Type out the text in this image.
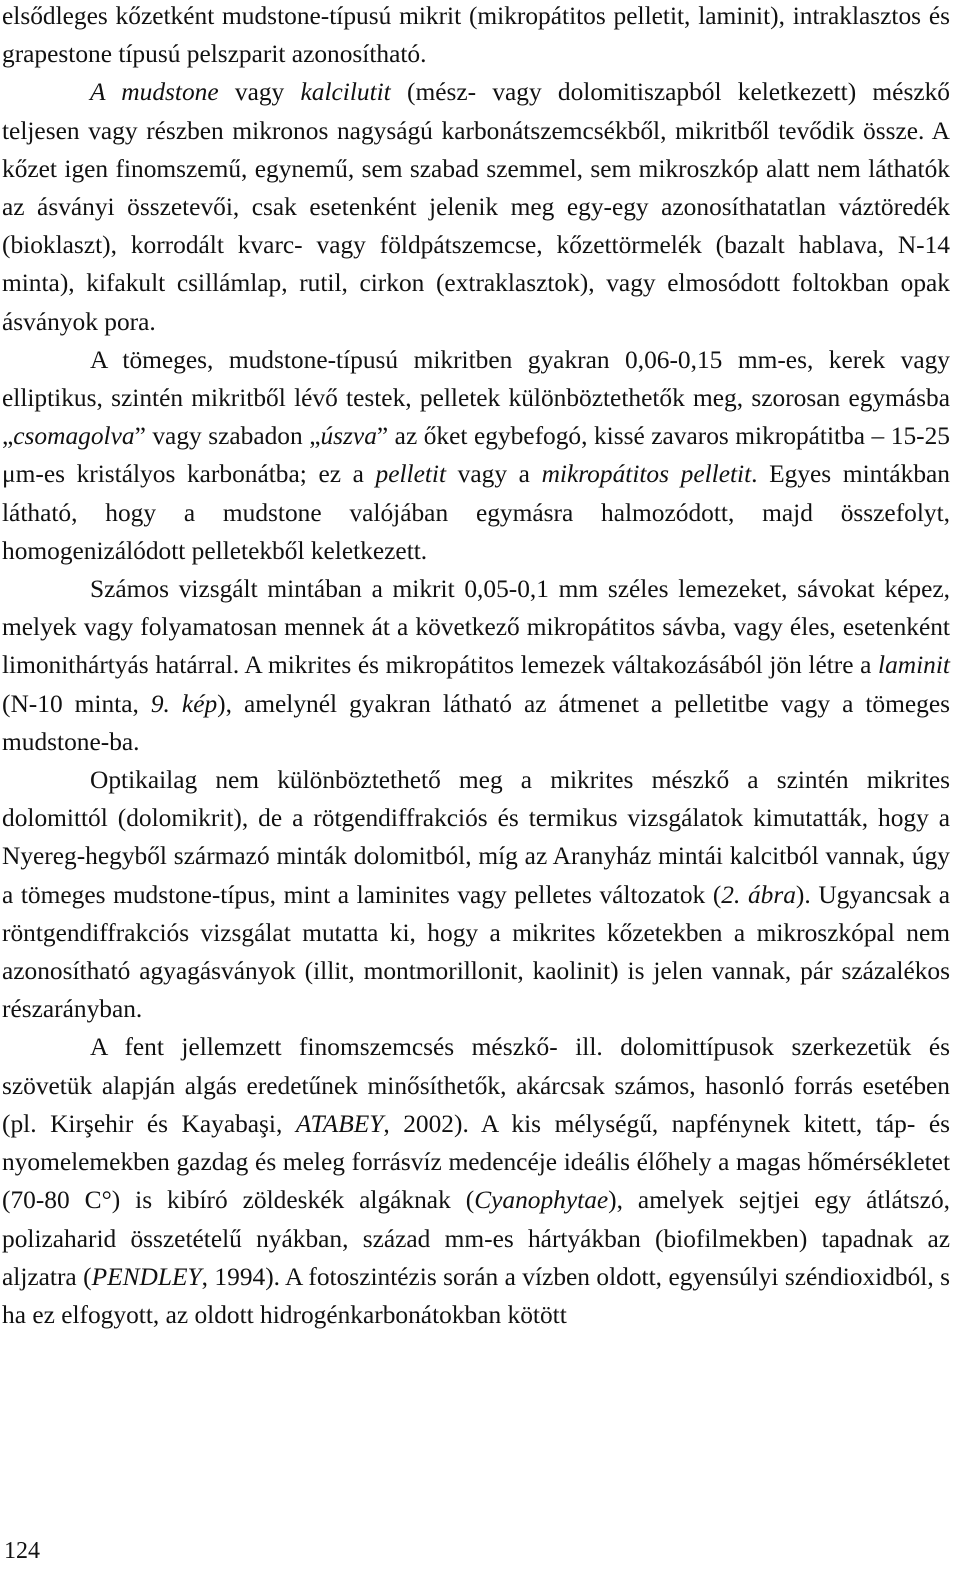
elsődleges kőzetként mudstone-típusú mikrit (mikropátitos pelletit, laminit), intraklasztos és grapestone típusú pelszparit azonosítható.

A mudstone vagy kalcilutit (mész- vagy dolomitiszapból keletkezett) mészkő teljesen vagy részben mikronos nagyságú karbonátszemcsékből, mikritből tevődik össze. A kőzet igen finomszemű, egynemű, sem szabad szemmel, sem mikroszkóp alatt nem láthatók az ásványi összetevői, csak esetenként jelenik meg egy-egy azonosíthatatlan váztöredék (bioklaszt), korrodált kvarc- vagy földpátszemcse, kőzettörmelék (bazalt hablava, N-14 minta), kifakult csillámlap, rutil, cirkon (extraklasztok), vagy elmosódott foltokban opak ásványok pora.

A tömeges, mudstone-típusú mikritben gyakran 0,06-0,15 mm-es, kerek vagy elliptikus, szintén mikritből lévő testek, pelletek különböztethetők meg, szorosan egymásba „csomagolva” vagy szabadon „úszva” az őket egybefogó, kissé zavaros mikropátitba – 15-25 μm-es kristályos karbonátba; ez a pelletit vagy a mikropátitos pelletit. Egyes mintákban látható, hogy a mudstone valójában egymásra halmozódott, majd összefolyt, homogenizálódott pelletekből keletkezett.

Számos vizsgált mintában a mikrit 0,05-0,1 mm széles lemezeket, sávokat képez, melyek vagy folyamatosan mennek át a következő mikropátitos sávba, vagy éles, esetenként limonithártyás határral. A mikrites és mikropátitos lemezek váltakozásából jön létre a laminit (N-10 minta, 9. kép), amelynél gyakran látható az átmenet a pelletitbe vagy a tömeges mudstone-ba.

Optikailag nem különböztethető meg a mikrites mészkő a szintén mikrites dolomittól (dolomikrit), de a rötgendiffrakciós és termikus vizsgálatok kimutatták, hogy a Nyereg-hegyből származó minták dolomitból, míg az Aranyház mintái kalcitból vannak, úgy a tömeges mudstone-típus, mint a laminites vagy pelletes változatok (2. ábra). Ugyancsak a röntgendiffrakciós vizsgálat mutatta ki, hogy a mikrites kőzetekben a mikroszkópal nem azonosítható agyagásványok (illit, montmorillonit, kaolinit) is jelen vannak, pár százalékos részarányban.

A fent jellemzett finomszemcsés mészkő- ill. dolomittípusok szerkezetük és szövetük alapján algás eredetűnek minősíthetők, akárcsak számos, hasonló forrás esetében (pl. Kirşehir és Kayabaşi, ATABEY, 2002). A kis mélységű, napfénynek kitett, táp- és nyomelemekben gazdag és meleg forrásvíz medencéje ideális élőhely a magas hőmérsékletet (70-80 C°) is kibíró zöldeskék algáknak (Cyanophytae), amelyek sejtjei egy átlátszó, polizaharid összetételű nyákban, század mm-es hártyákban (biofilmekben) tapadnak az aljzatra (PENDLEY, 1994). A fotoszintézis során a vízben oldott, egyensúlyi széndioxidból, s ha ez elfogyott, az oldott hidrogénkarbonátokban kötött

124
